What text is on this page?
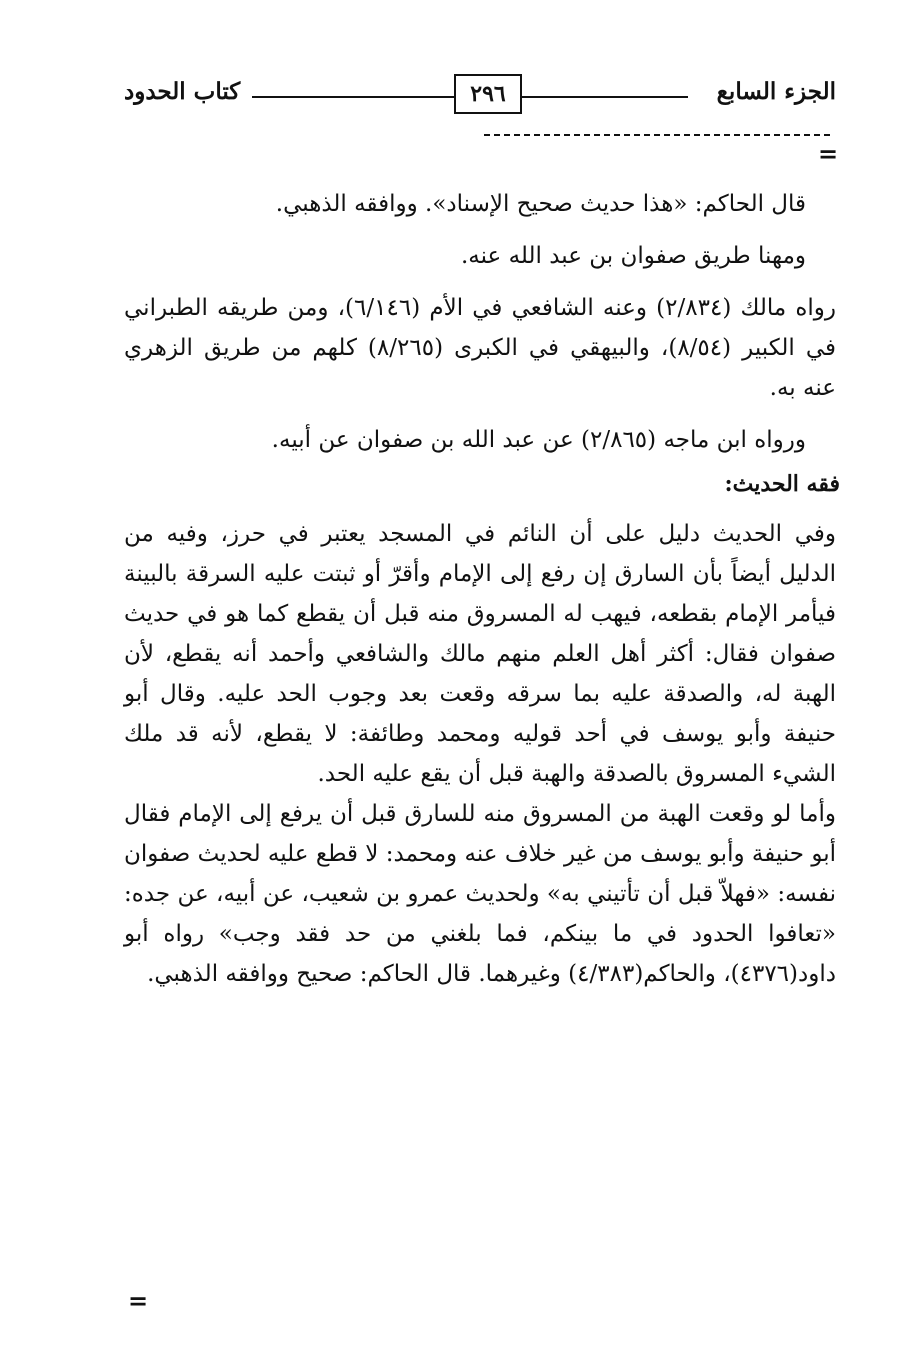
الجزء السابع
٢٩٦
كتاب الحدود
=

قال الحاكم: «هذا حديث صحيح الإسناد». ووافقه الذهبي.

ومهنا طريق صفوان بن عبد الله عنه.

رواه مالك (٢/٨٣٤) وعنه الشافعي في الأم (٦/١٤٦)، ومن طريقه الطبراني في الكبير (٨/٥٤)، والبيهقي في الكبرى (٨/٢٦٥) كلهم من طريق الزهري عنه به.

ورواه ابن ماجه (٢/٨٦٥) عن عبد الله بن صفوان عن أبيه.

فقه الحديث:

وفي الحديث دليل على أن النائم في المسجد يعتبر في حرز، وفيه من الدليل أيضاً بأن السارق إن رفع إلى الإمام وأقرّ أو ثبتت عليه السرقة بالبينة فيأمر الإمام بقطعه، فيهب له المسروق منه قبل أن يقطع كما هو في حديث صفوان فقال: أكثر أهل العلم منهم مالك والشافعي وأحمد أنه يقطع، لأن الهبة له، والصدقة عليه بما سرقه وقعت بعد وجوب الحد عليه. وقال أبو حنيفة وأبو يوسف في أحد قوليه ومحمد وطائفة: لا يقطع، لأنه قد ملك الشيء المسروق بالصدقة والهبة قبل أن يقع عليه الحد.

وأما لو وقعت الهبة من المسروق منه للسارق قبل أن يرفع إلى الإمام فقال أبو حنيفة وأبو يوسف من غير خلاف عنه ومحمد: لا قطع عليه لحديث صفوان نفسه: «فهلاّ قبل أن تأتيني به» ولحديث عمرو بن شعيب، عن أبيه، عن جده: «تعافوا الحدود في ما بينكم، فما بلغني من حد فقد وجب» رواه أبو داود(٤٣٧٦)، والحاكم(٤/٣٨٣) وغيرهما. قال الحاكم: صحيح ووافقه الذهبي.

=
